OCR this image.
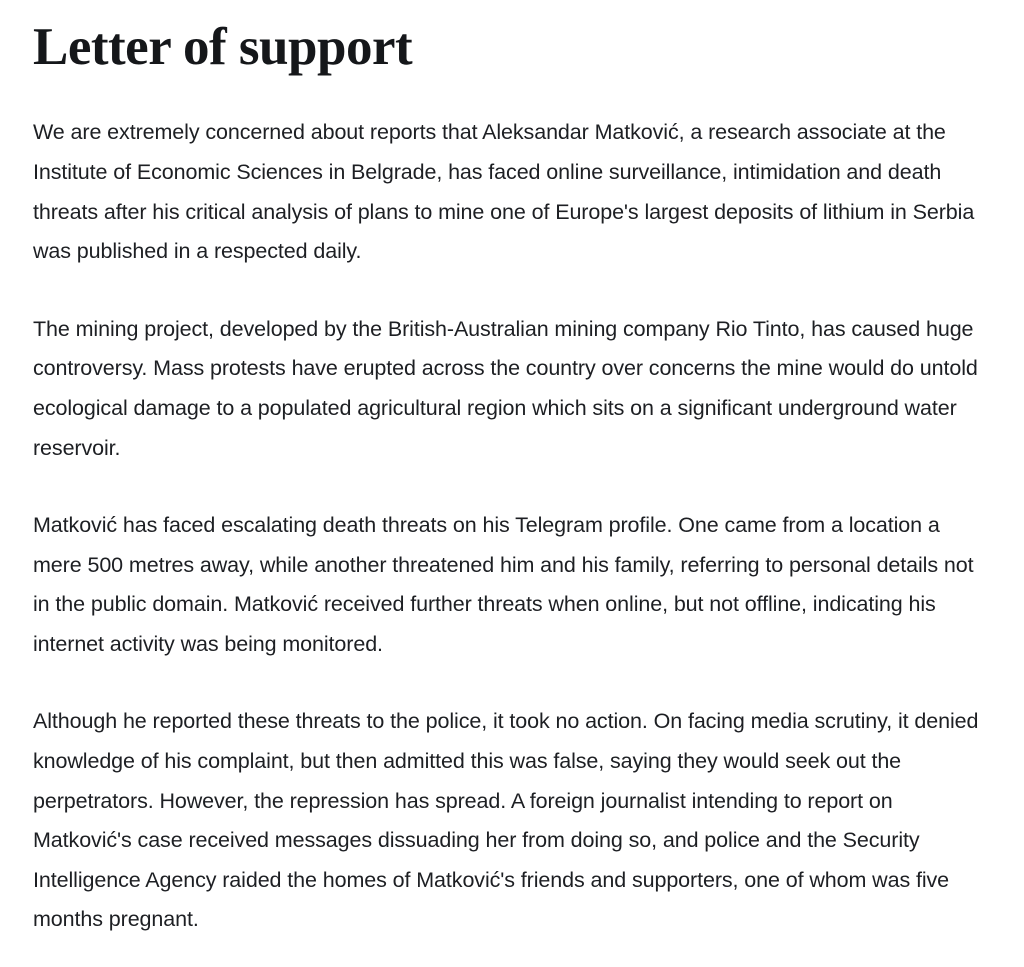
Letter of support

We are extremely concerned about reports that Aleksandar Matković, a research associate at the Institute of Economic Sciences in Belgrade, has faced online surveillance, intimidation and death threats after his critical analysis of plans to mine one of Europe's largest deposits of lithium in Serbia was published in a respected daily.

The mining project, developed by the British-Australian mining company Rio Tinto, has caused huge controversy. Mass protests have erupted across the country over concerns the mine would do untold ecological damage to a populated agricultural region which sits on a significant underground water reservoir.

Matković has faced escalating death threats on his Telegram profile. One came from a location a mere 500 metres away, while another threatened him and his family, referring to personal details not in the public domain. Matković received further threats when online, but not offline, indicating his internet activity was being monitored.

Although he reported these threats to the police, it took no action. On facing media scrutiny, it denied knowledge of his complaint, but then admitted this was false, saying they would seek out the perpetrators. However, the repression has spread. A foreign journalist intending to report on Matković's case received messages dissuading her from doing so, and police and the Security Intelligence Agency raided the homes of Matković's friends and supporters, one of whom was five months pregnant.
